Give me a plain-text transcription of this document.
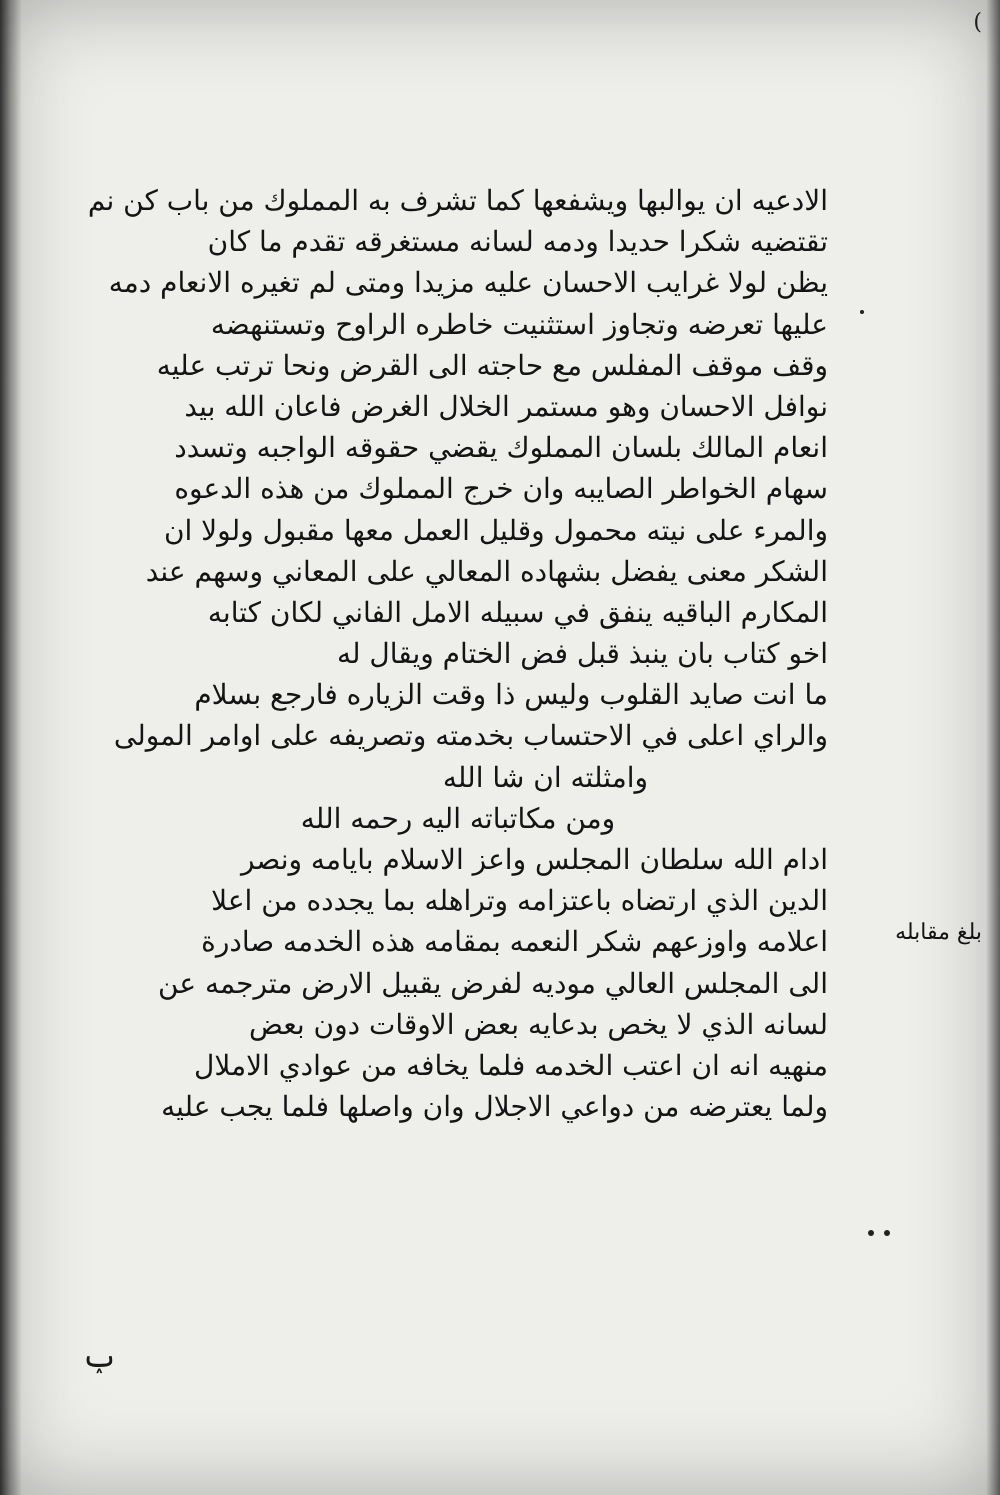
(
الادعيه ان يوالبها ويشفعها كما تشرف به المملوك من باب كن نم
تقتضيه شكرا حديدا ودمه لسانه مستغرقه تقدم ما كان
يظن لولا غرايب الاحسان عليه مزيدا ومتى لم تغيره الانعام دمه
عليها تعرضه وتجاوز استثنيت خاطره الراوح وتستنهضه
وقف موقف المفلس مع حاجته الى القرض ونحا ترتب عليه
نوافل الاحسان وهو مستمر الخلال الغرض فاعان الله بيد
انعام المالك بلسان المملوك يقضي حقوقه الواجبه وتسدد
سهام الخواطر الصايبه وان خرج المملوك من هذه الدعوه
والمرء على نيته محمول وقليل العمل معها مقبول ولولا ان
الشكر معنى يفضل بشهاده المعالي على المعاني وسهم عند
المكارم الباقيه ينفق في سبيله الامل الفاني لكان كتابه
اخو كتاب بان ينبذ قبل فض الختام ويقال له
ما انت صايد القلوب وليس ذا وقت الزياره فارجع بسلام
والراي اعلى في الاحتساب بخدمته وتصريفه على اوامر المولى
وامثلته ان شا الله
ومن مكاتباته اليه رحمه الله
ادام الله سلطان المجلس واعز الاسلام بايامه ونصر
الدين الذي ارتضاه باعتزامه وتراهله بما يجدده من اعلا
اعلامه واوزعهم شكر النعمه بمقامه هذه الخدمه صادرة
الى المجلس العالي موديه لفرض يقبيل الارض مترجمه عن
لسانه الذي لا يخص بدعايه بعض الاوقات دون بعض
منهيه انه ان اعتب الخدمه فلما يخافه من عوادي الاملال
ولما يعترضه من دواعي الاجلال وان واصلها فلما يجب عليه
بلغ مقابله
ݕ
